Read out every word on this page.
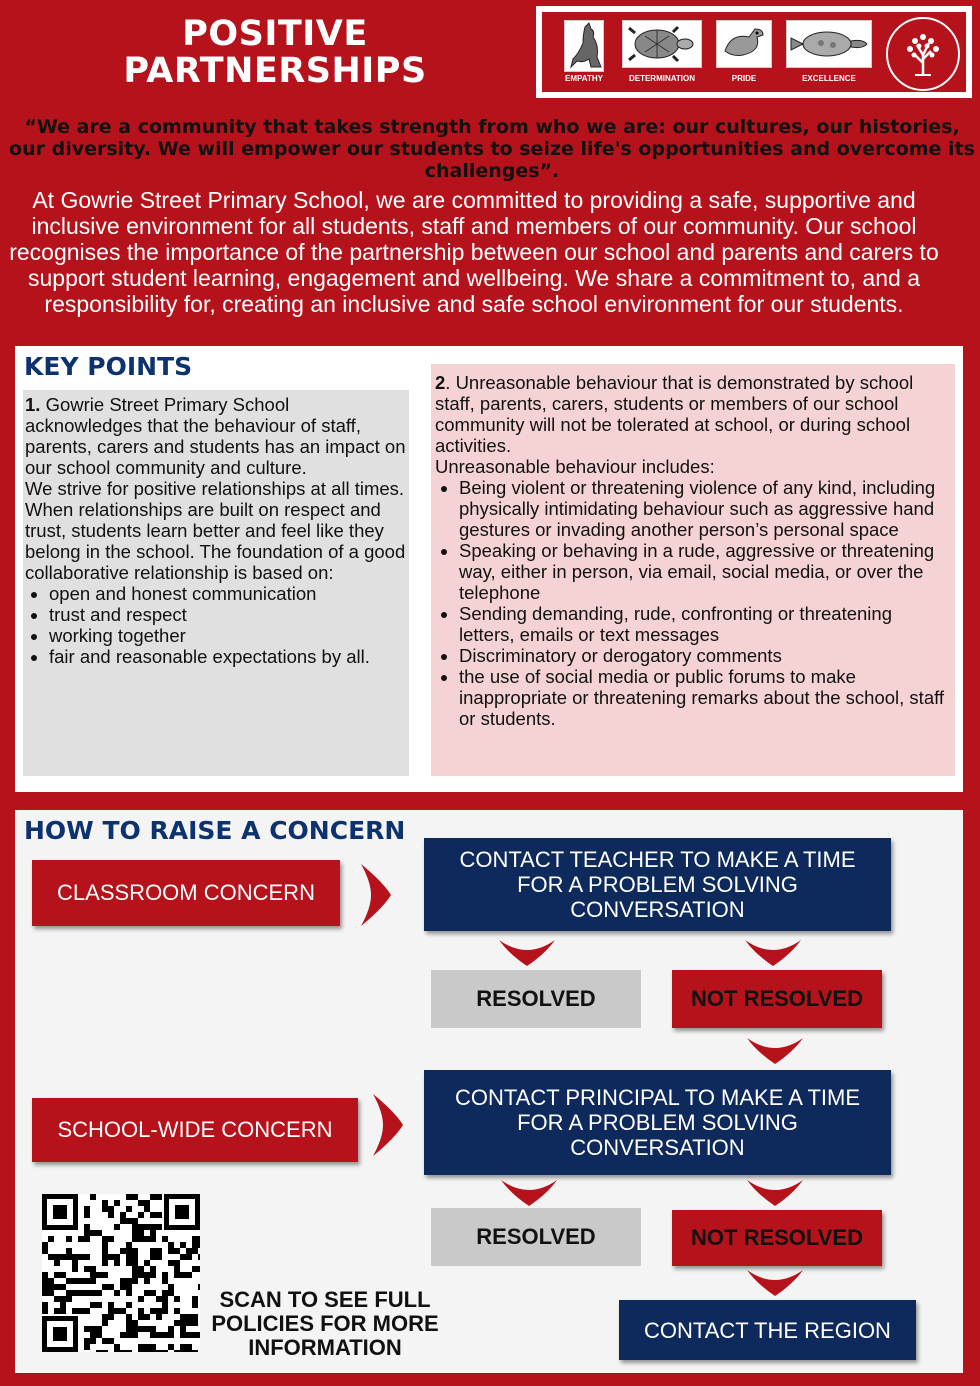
POSITIVE
PARTNERSHIPS	EMPATHY	DETERMINATION	PRIDE	EXCELLENCE
“We are a community that takes strength from who we are: our cultures, our histories, our diversity. We will empower our students to seize life's opportunities and overcome its challenges”.
At Gowrie Street Primary School, we are committed to providing a safe, supportive and inclusive environment for all students, staff and members of our community. Our school recognises the importance of the partnership between our school and parents and carers to support student learning, engagement and wellbeing. We share a commitment to, and a responsibility for, creating an inclusive and safe school environment for our students.
KEY POINTS

1. Gowrie Street Primary School acknowledges that the behaviour of staff, parents, carers and students has an impact on our school community and culture.

We strive for positive relationships at all times. When relationships are built on respect and trust, students learn better and feel like they belong in the school. The foundation of a good collaborative relationship is based on:

• open and honest communication
• trust and respect
• working together
• fair and reasonable expectations by all.

2. Unreasonable behaviour that is demonstrated by school staff, parents, carers, students or members of our school community will not be tolerated at school, or during school activities.

Unreasonable behaviour includes:

• Being violent or threatening violence of any kind, including physically intimidating behaviour such as aggressive hand gestures or invading another person’s personal space
• Speaking or behaving in a rude, aggressive or threatening way, either in person, via email, social media, or over the telephone
• Sending demanding, rude, confronting or threatening letters, emails or text messages
• Discriminatory or derogatory comments
• the use of social media or public forums to make inappropriate or threatening remarks about the school, staff or students.
HOW TO RAISE A CONCERN
CLASSROOM CONCERN
CONTACT TEACHER TO MAKE A TIME FOR A PROBLEM SOLVING CONVERSATION
RESOLVED	NOT RESOLVED
SCHOOL-WIDE CONCERN
CONTACT PRINCIPAL TO MAKE A TIME FOR A PROBLEM SOLVING CONVERSATION
RESOLVED	NOT RESOLVED
CONTACT THE REGION
SCAN TO SEE FULL POLICIES FOR MORE INFORMATION
